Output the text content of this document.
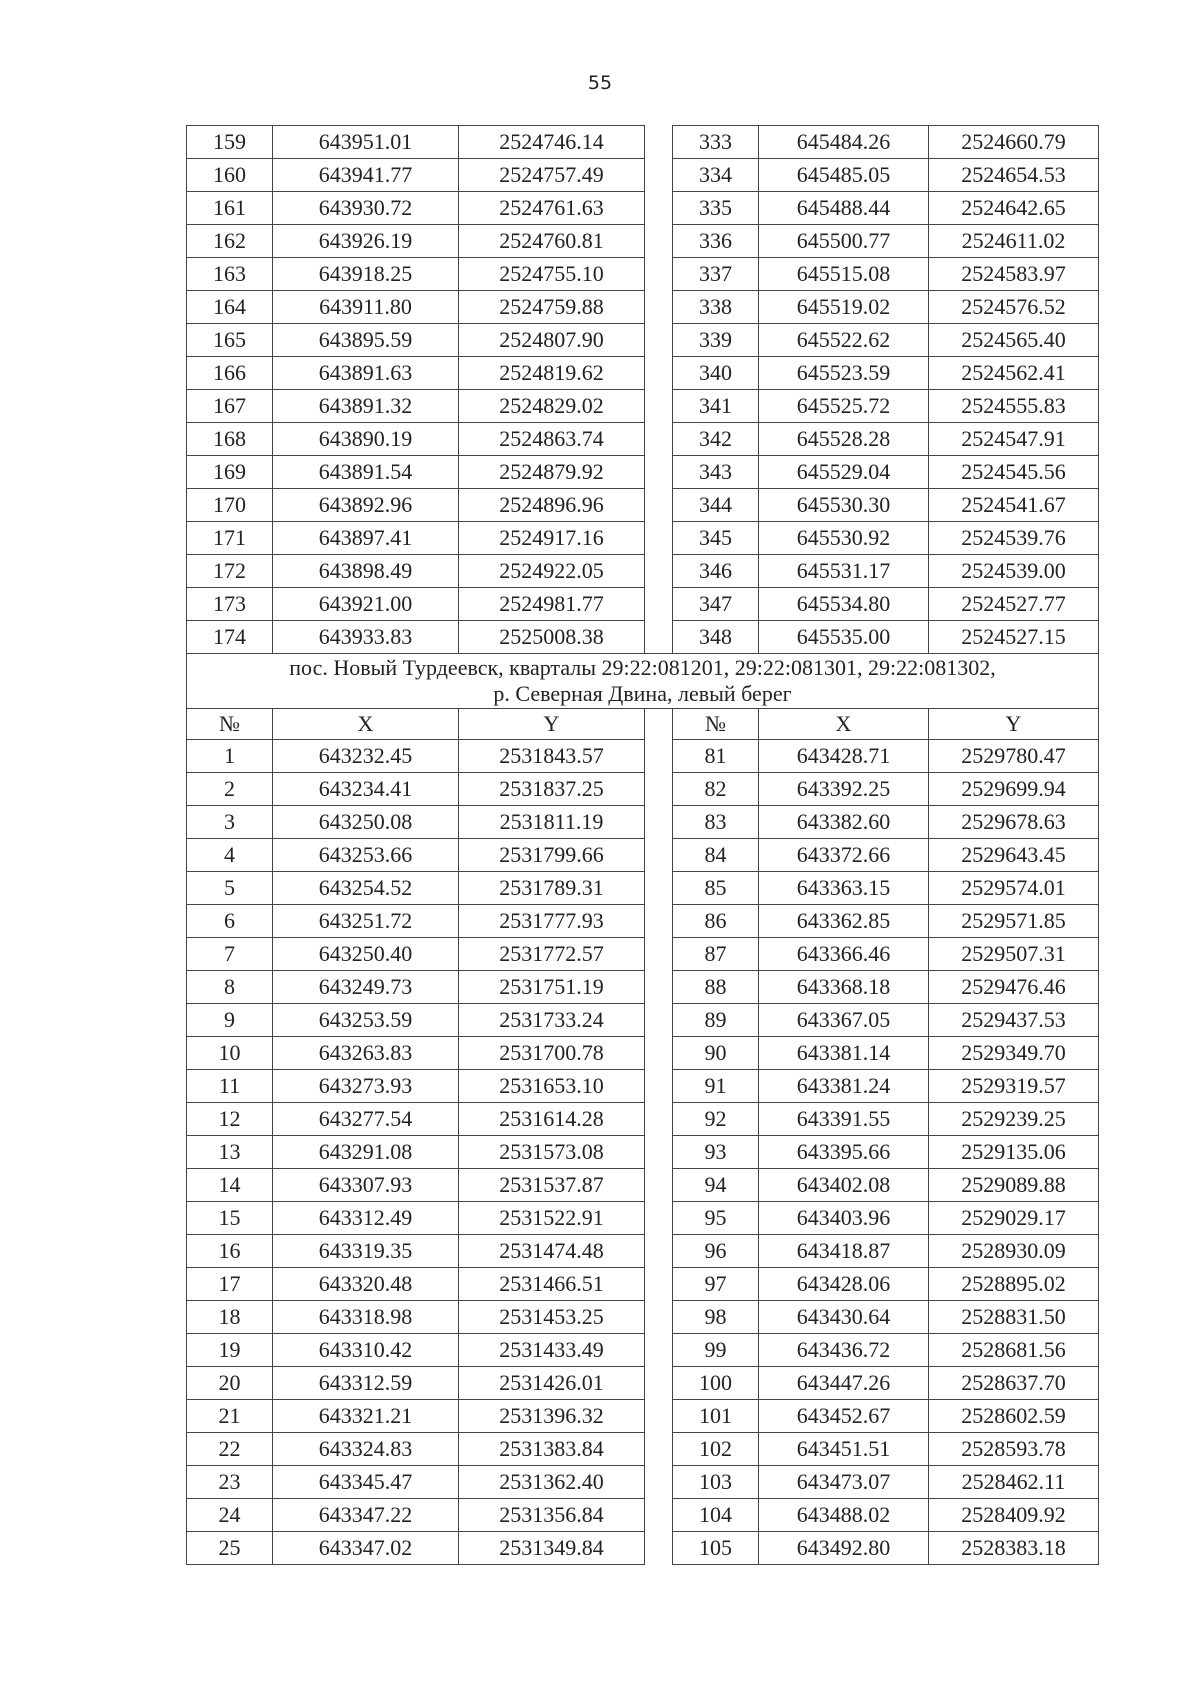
55
159	643951.01	2524746.14		333	645484.26	2524660.79
160	643941.77	2524757.49		334	645485.05	2524654.53
161	643930.72	2524761.63		335	645488.44	2524642.65
162	643926.19	2524760.81		336	645500.77	2524611.02
163	643918.25	2524755.10		337	645515.08	2524583.97
164	643911.80	2524759.88		338	645519.02	2524576.52
165	643895.59	2524807.90		339	645522.62	2524565.40
166	643891.63	2524819.62		340	645523.59	2524562.41
167	643891.32	2524829.02		341	645525.72	2524555.83
168	643890.19	2524863.74		342	645528.28	2524547.91
169	643891.54	2524879.92		343	645529.04	2524545.56
170	643892.96	2524896.96		344	645530.30	2524541.67
171	643897.41	2524917.16		345	645530.92	2524539.76
172	643898.49	2524922.05		346	645531.17	2524539.00
173	643921.00	2524981.77		347	645534.80	2524527.77
174	643933.83	2525008.38		348	645535.00	2524527.15
пос. Новый Турдеевск, кварталы 29:22:081201, 29:22:081301, 29:22:081302,
р. Северная Двина, левый берег						
№	X	Y		№	X	Y
1	643232.45	2531843.57		81	643428.71	2529780.47
2	643234.41	2531837.25		82	643392.25	2529699.94
3	643250.08	2531811.19		83	643382.60	2529678.63
4	643253.66	2531799.66		84	643372.66	2529643.45
5	643254.52	2531789.31		85	643363.15	2529574.01
6	643251.72	2531777.93		86	643362.85	2529571.85
7	643250.40	2531772.57		87	643366.46	2529507.31
8	643249.73	2531751.19		88	643368.18	2529476.46
9	643253.59	2531733.24		89	643367.05	2529437.53
10	643263.83	2531700.78		90	643381.14	2529349.70
11	643273.93	2531653.10		91	643381.24	2529319.57
12	643277.54	2531614.28		92	643391.55	2529239.25
13	643291.08	2531573.08		93	643395.66	2529135.06
14	643307.93	2531537.87		94	643402.08	2529089.88
15	643312.49	2531522.91		95	643403.96	2529029.17
16	643319.35	2531474.48		96	643418.87	2528930.09
17	643320.48	2531466.51		97	643428.06	2528895.02
18	643318.98	2531453.25		98	643430.64	2528831.50
19	643310.42	2531433.49		99	643436.72	2528681.56
20	643312.59	2531426.01		100	643447.26	2528637.70
21	643321.21	2531396.32		101	643452.67	2528602.59
22	643324.83	2531383.84		102	643451.51	2528593.78
23	643345.47	2531362.40		103	643473.07	2528462.11
24	643347.22	2531356.84		104	643488.02	2528409.92
25	643347.02	2531349.84		105	643492.80	2528383.18
